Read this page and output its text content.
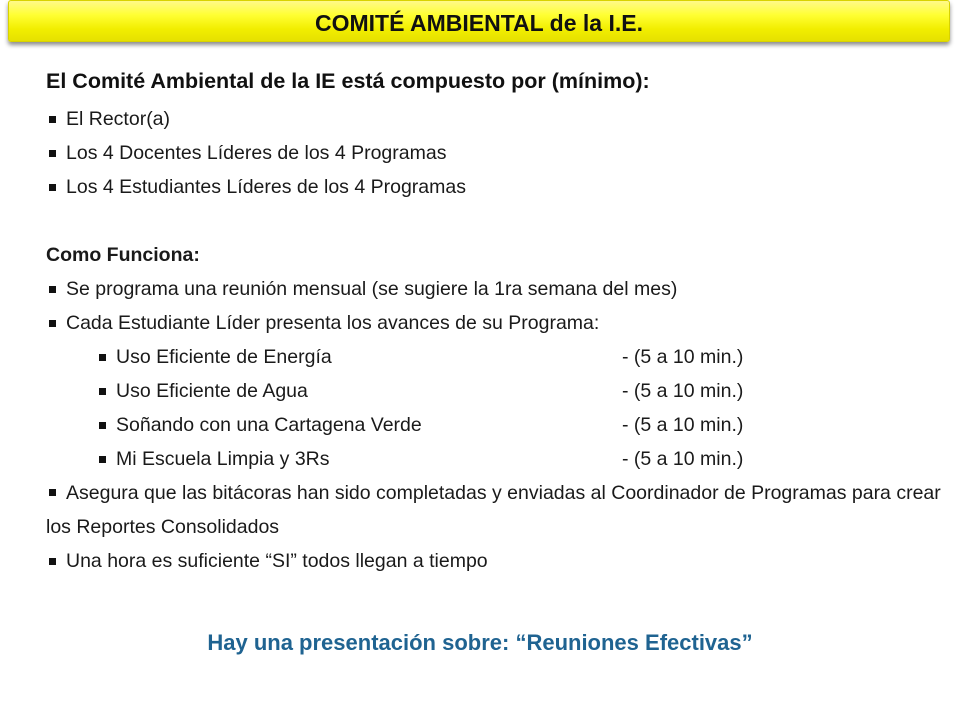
COMITÉ AMBIENTAL de la I.E.
El Comité Ambiental de la IE está compuesto por (mínimo):
El Rector(a)
Los 4 Docentes Líderes de los 4 Programas
Los 4 Estudiantes Líderes de los 4 Programas
Como Funciona:
Se programa una reunión mensual (se sugiere la 1ra semana del mes)
Cada Estudiante Líder presenta los avances de su Programa:
Uso Eficiente de Energía	- (5 a 10 min.)
Uso Eficiente de Agua	- (5 a 10 min.)
Soñando con una Cartagena Verde	- (5 a 10 min.)
Mi Escuela Limpia y 3Rs	- (5 a 10 min.)
Asegura que las bitácoras han sido completadas y enviadas al Coordinador de Programas para crear los Reportes Consolidados
Una hora es suficiente “SI” todos llegan a tiempo
Hay una presentación sobre: “Reuniones Efectivas”
